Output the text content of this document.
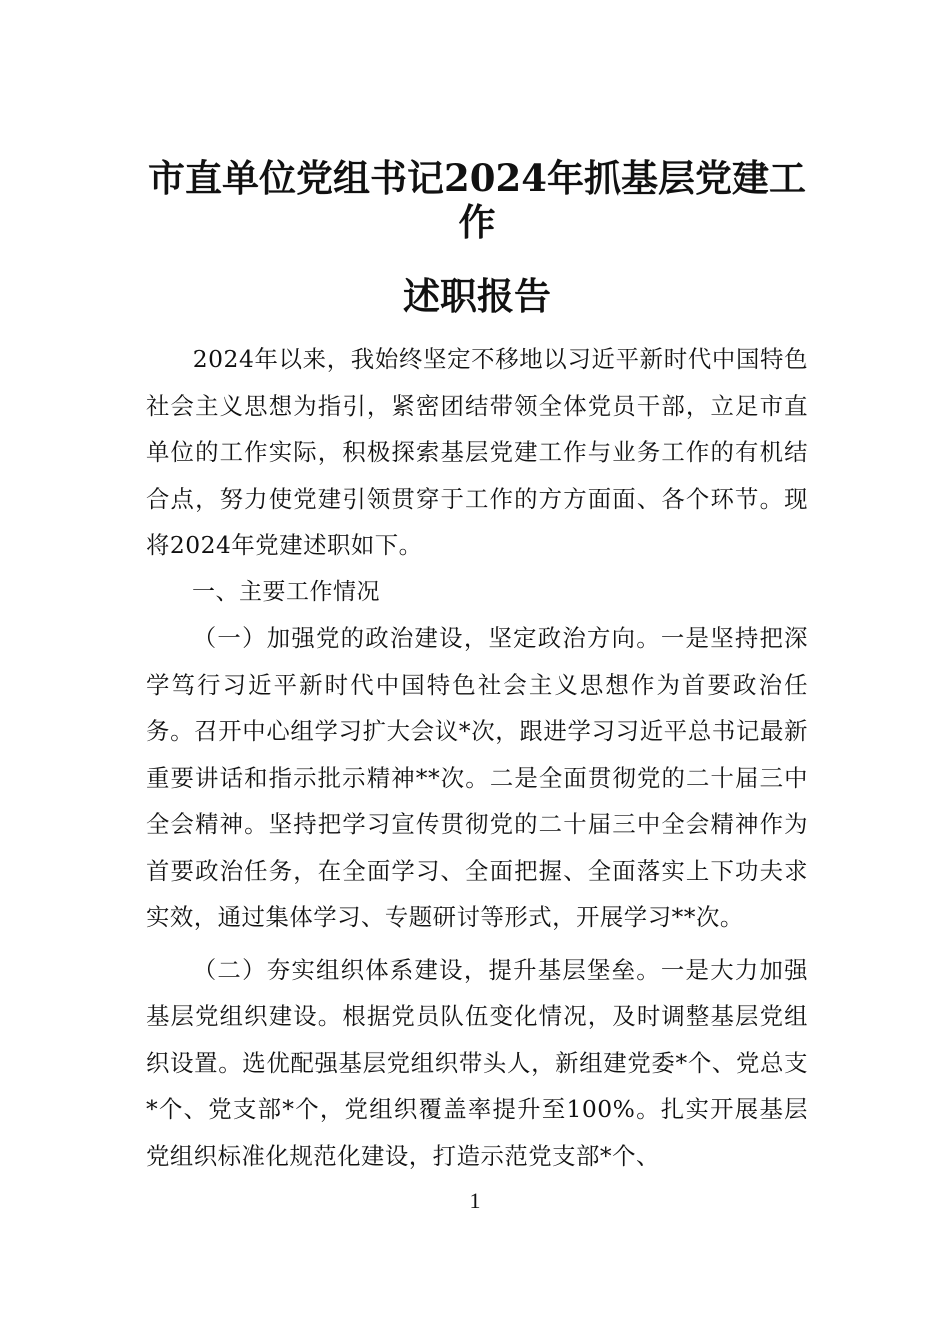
市直单位党组书记2024年抓基层党建工作
述职报告

2024年以来，我始终坚定不移地以习近平新时代中国特色社会主义思想为指引，紧密团结带领全体党员干部，立足市直单位的工作实际，积极探索基层党建工作与业务工作的有机结合点，努力使党建引领贯穿于工作的方方面面、各个环节。现将2024年党建述职如下。

一、主要工作情况

（一）加强党的政治建设，坚定政治方向。一是坚持把深学笃行习近平新时代中国特色社会主义思想作为首要政治任务。召开中心组学习扩大会议*次，跟进学习习近平总书记最新重要讲话和指示批示精神**次。二是全面贯彻党的二十届三中全会精神。坚持把学习宣传贯彻党的二十届三中全会精神作为首要政治任务，在全面学习、全面把握、全面落实上下功夫求实效，通过集体学习、专题研讨等形式，开展学习**次。

（二）夯实组织体系建设，提升基层堡垒。一是大力加强基层党组织建设。根据党员队伍变化情况，及时调整基层党组织设置。选优配强基层党组织带头人，新组建党委*个、党总支*个、党支部*个，党组织覆盖率提升至100%。扎实开展基层党组织标准化规范化建设，打造示范党支部*个、

1
